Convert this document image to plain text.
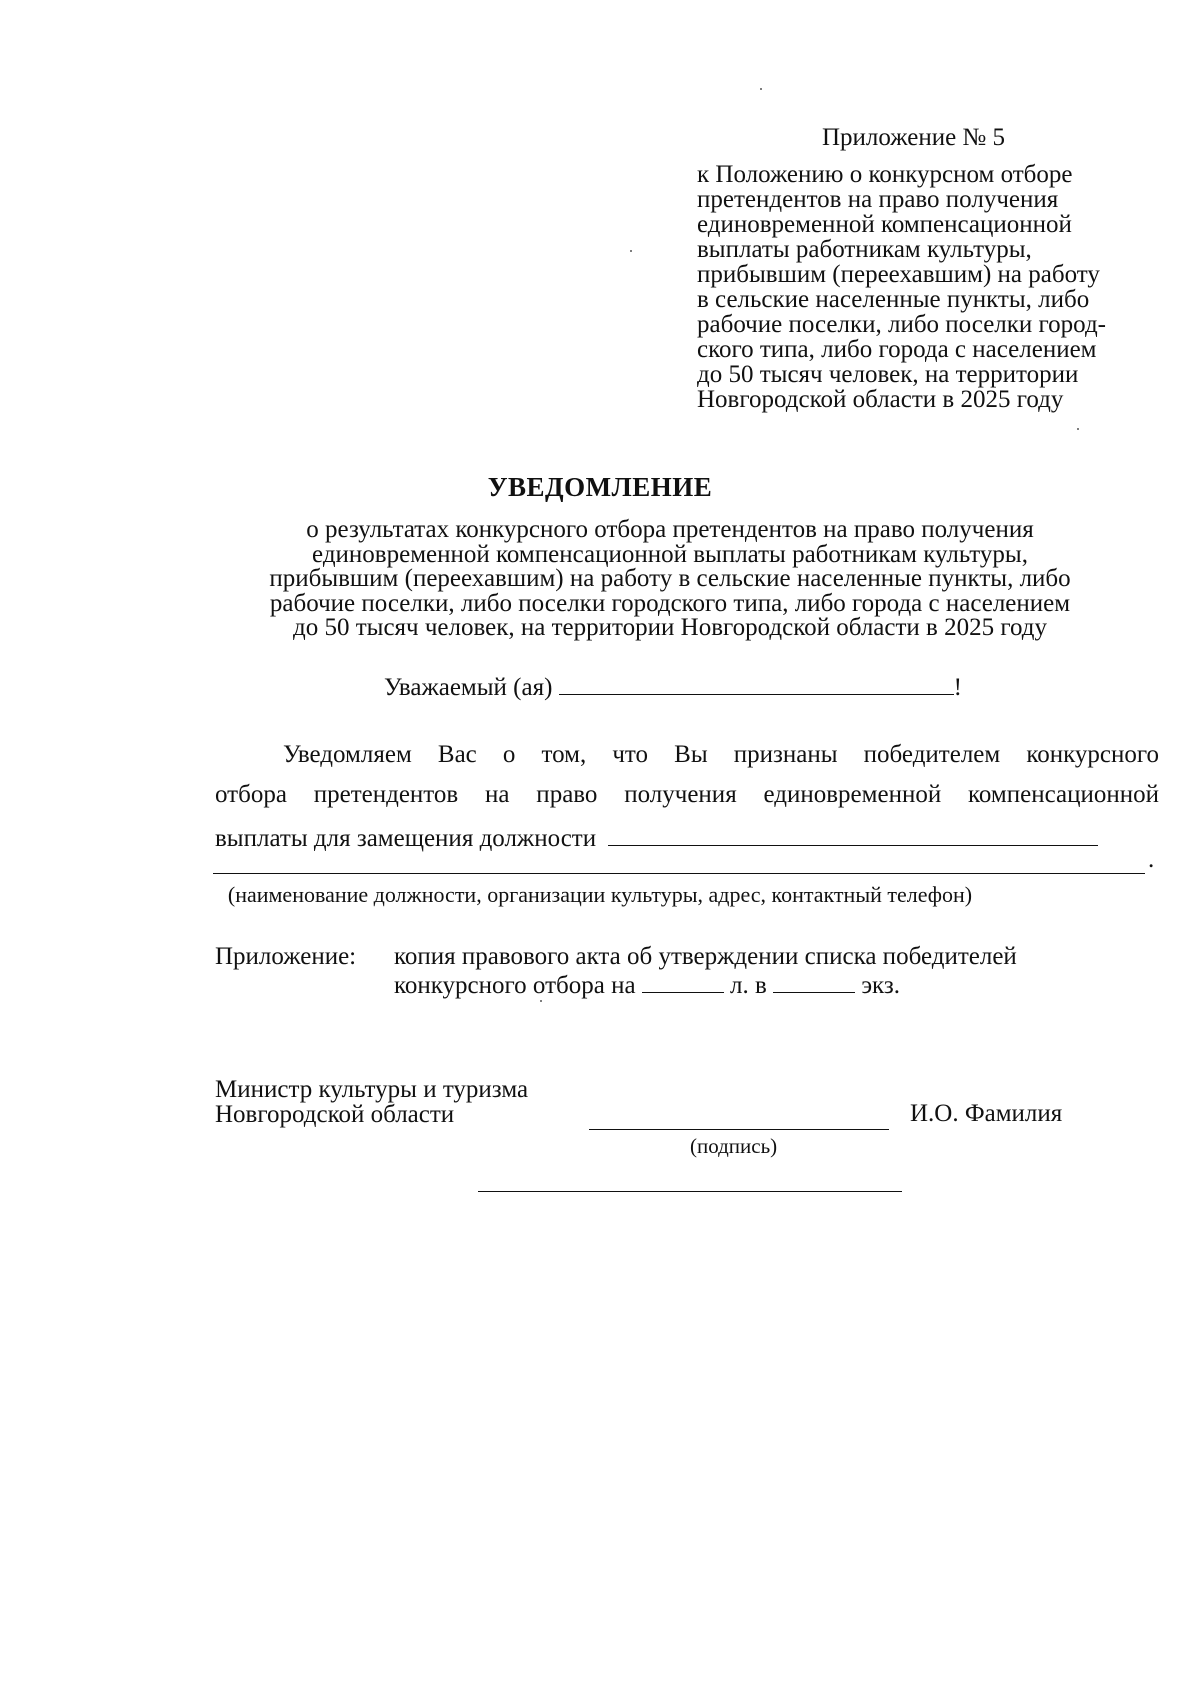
Приложение № 5
к Положению о конкурсном отборе
претендентов на право получения
единовременной компенсационной
выплаты работникам культуры,
прибывшим (переехавшим) на работу
в сельские населенные пункты, либо
рабочие поселки, либо поселки город-
ского типа, либо города с населением
до 50 тысяч человек, на территории
Новгородской области в 2025 году
УВЕДОМЛЕНИЕ
о результатах конкурсного отбора претендентов на право получения
единовременной компенсационной выплаты работникам культуры,
прибывшим (переехавшим) на работу в сельские населенные пункты, либо
рабочие поселки, либо поселки городского типа, либо города с населением
до 50 тысяч человек, на территории Новгородской области в 2025 году
Уважаемый (ая)	!
Уведомляем Вас о том, что Вы признаны победителем конкурсного
отбора претендентов на право получения единовременной компенсационной
выплаты для замещения должности
.
(наименование должности, организации культуры, адрес, контактный телефон)
Приложение: копия правового акта об утверждении списка победителей
конкурсного отбора на	л. в	экз.
Министр культуры и туризма
Новгородской области	И.О. Фамилия
(подпись)
